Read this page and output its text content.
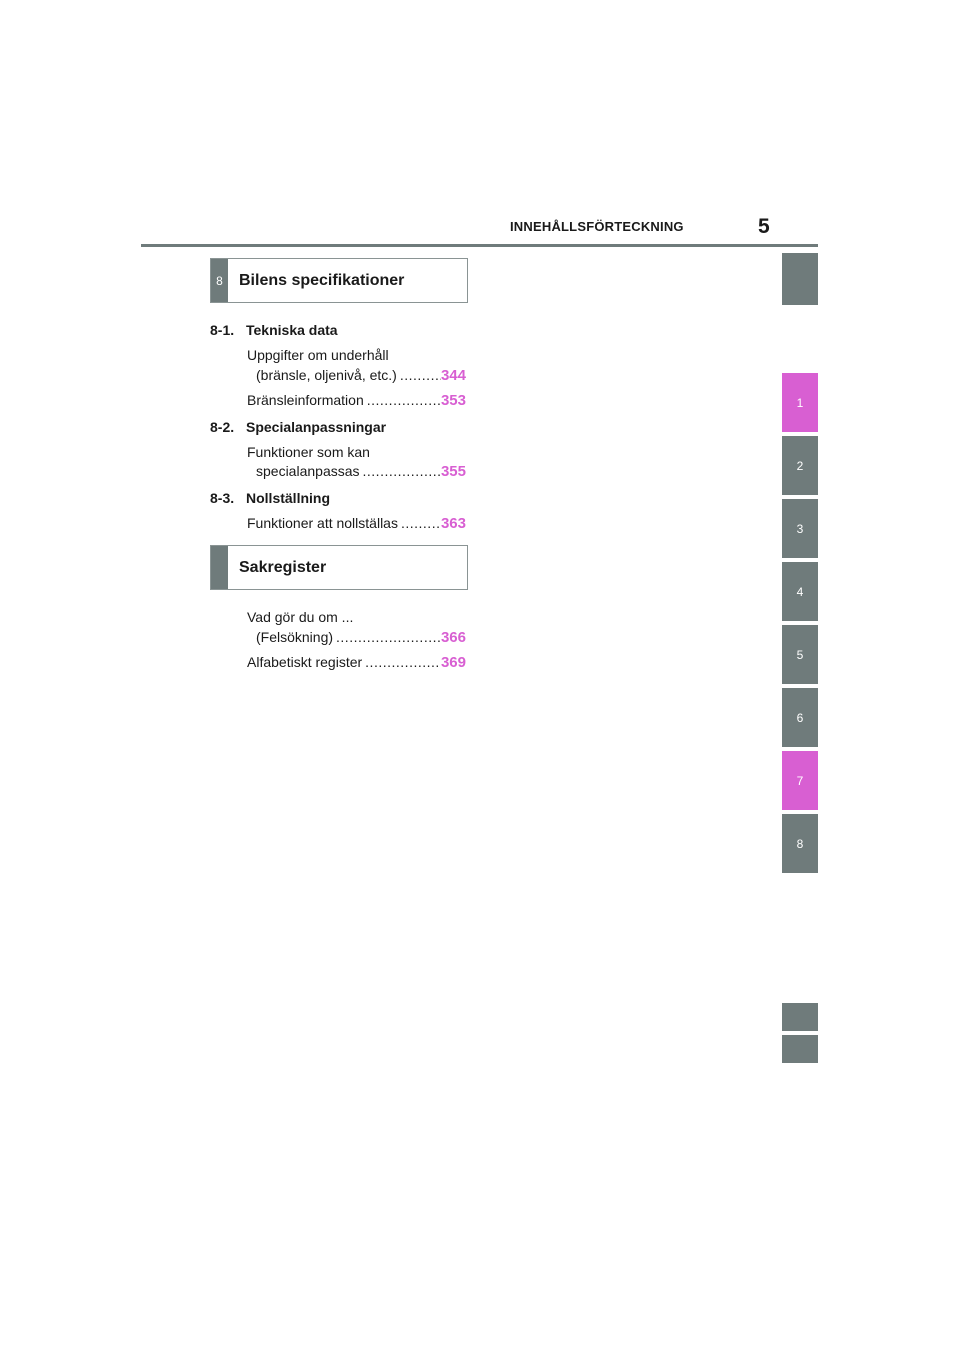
INNEHÅLLSFÖRTECKNING	5
8	Bilens specifikationer
8-1. Tekniska data
Uppgifter om underhåll
(bränsle, oljenivå, etc.) .....	344
Bränsleinformation .....	353
8-2. Specialanpassningar
Funktioner som kan
specialanpassas .....	355
8-3. Nollställning
Funktioner att nollställas .....	363
Sakregister
Vad gör du om ...
(Felsökning) .....	366
Alfabetiskt register .....	369
1
2
3
4
5
6
7
8
